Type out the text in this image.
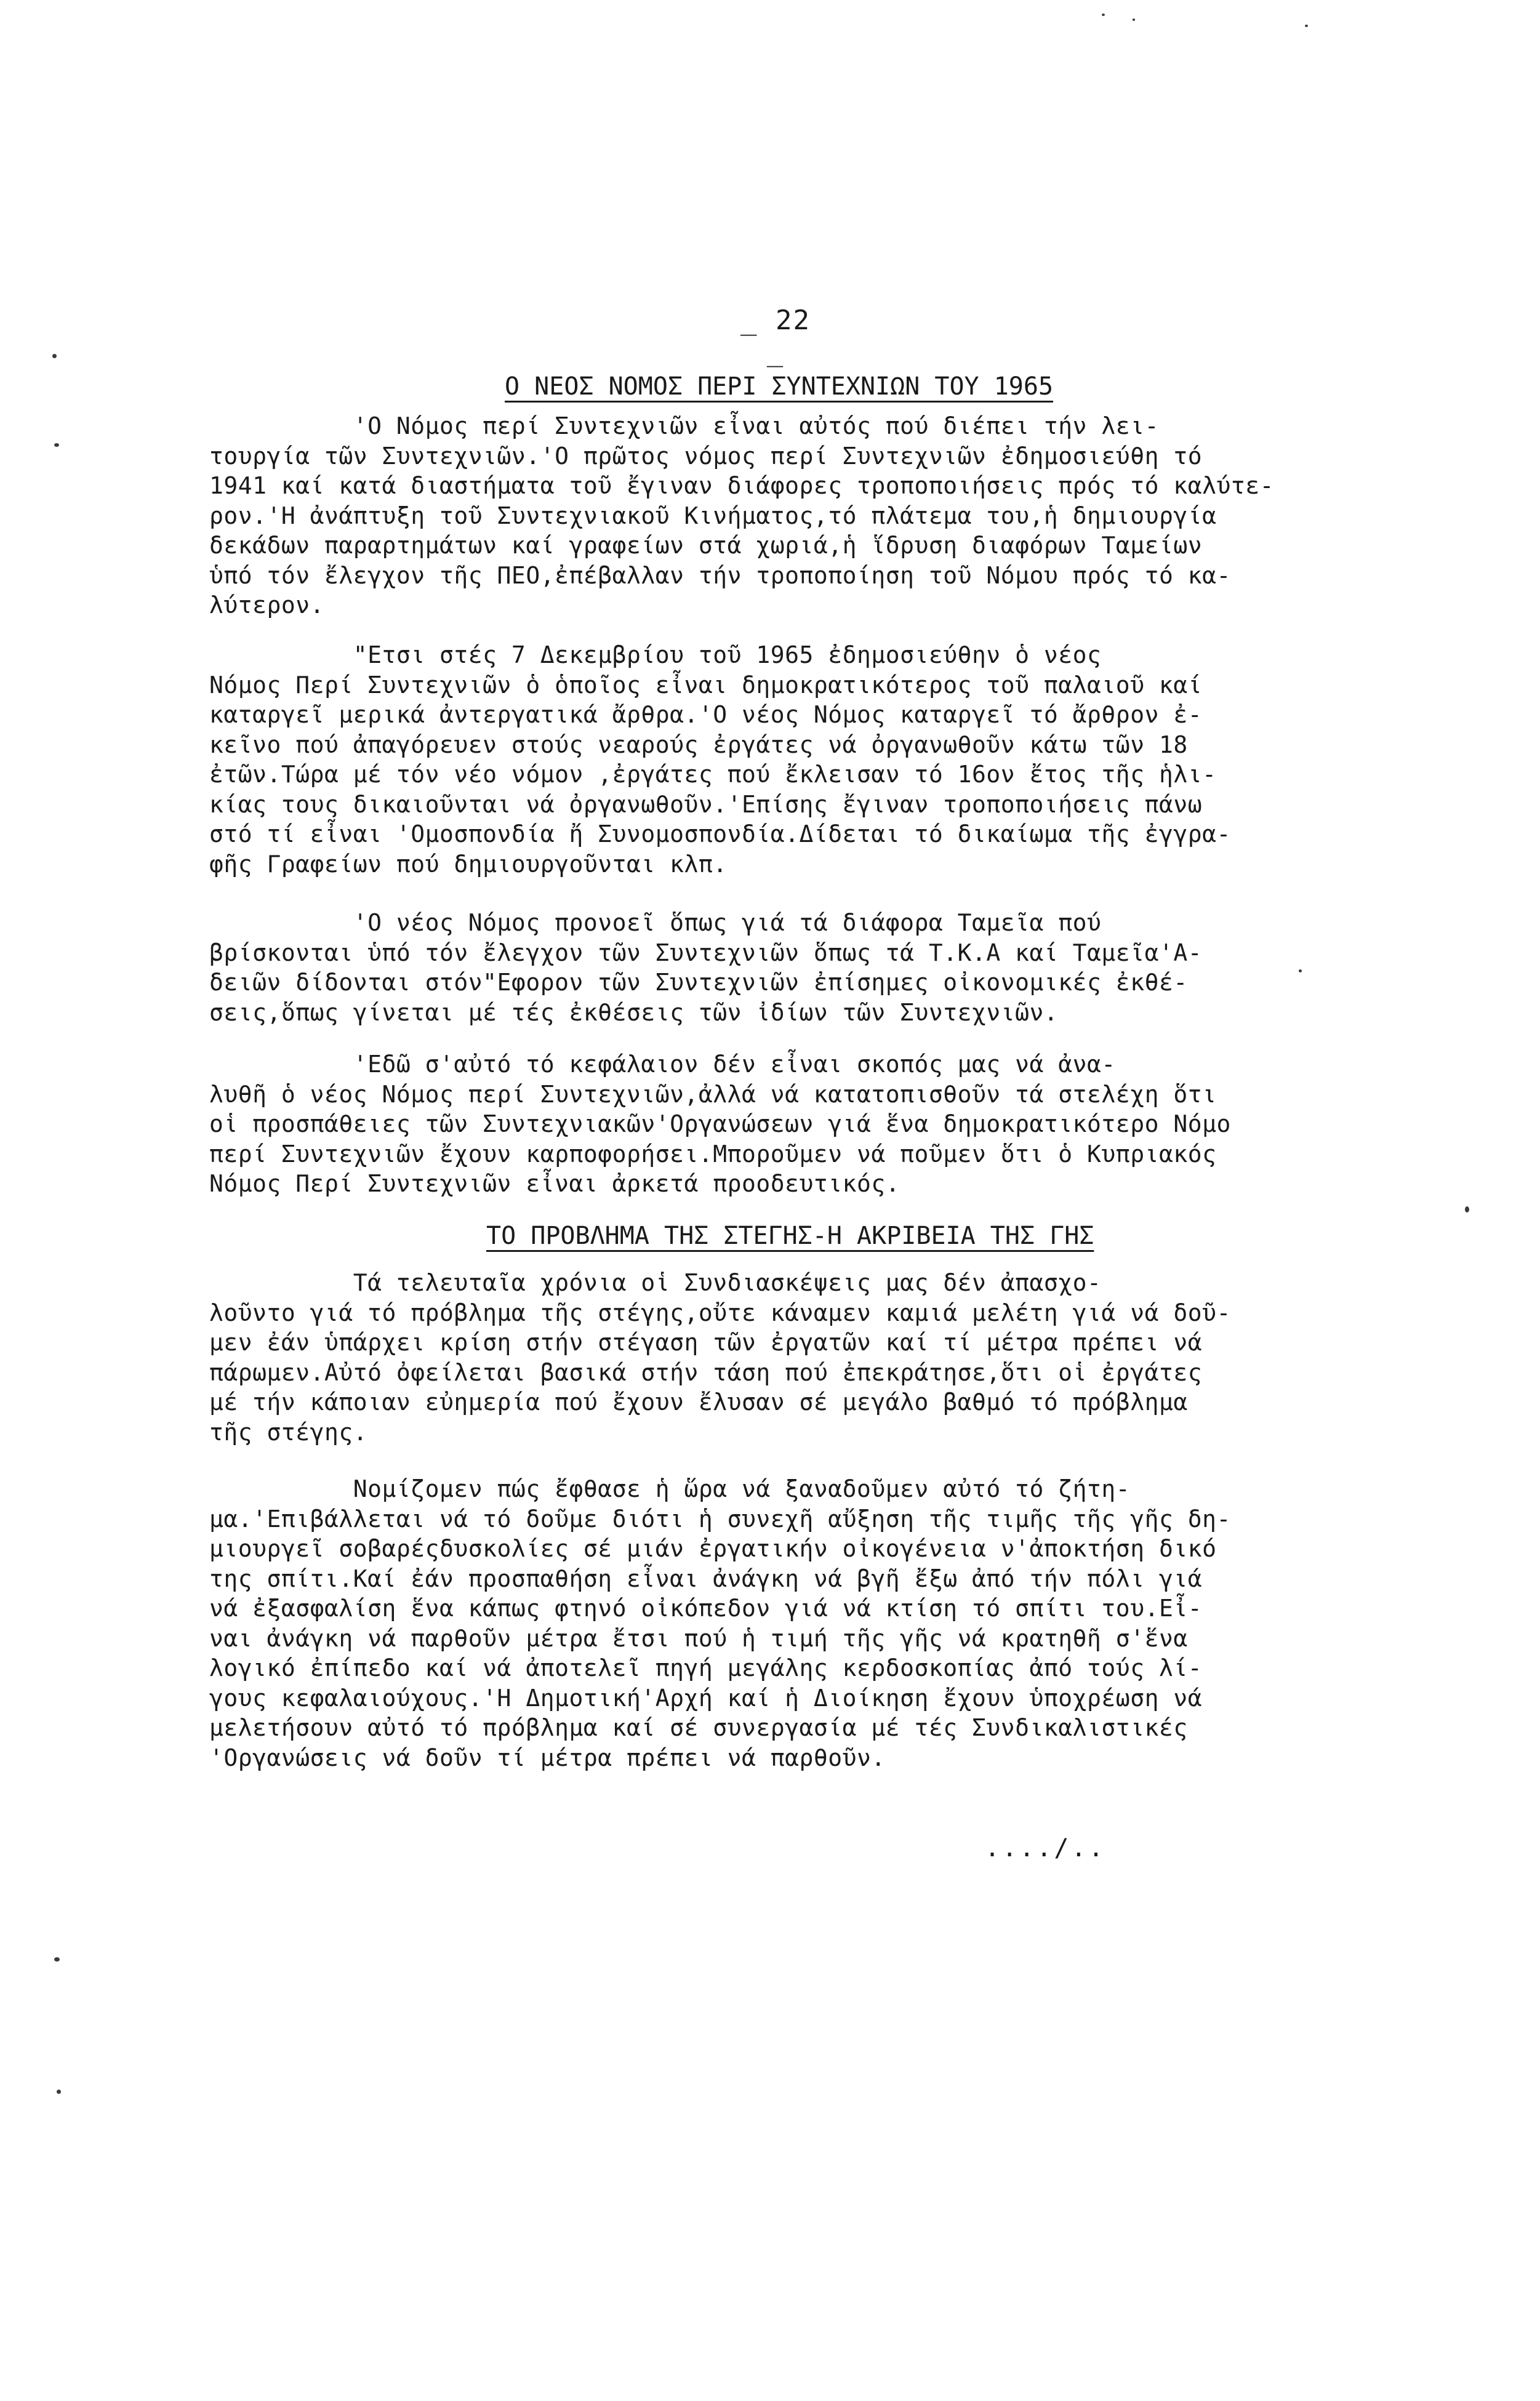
_ 22 _
Ο ΝΕΟΣ ΝΟΜΟΣ ΠΕΡΙ ΣΥΝΤΕΧΝΙΩΝ ΤΟΥ 1965
'Ο Νόμος περί Συντεχνιῶν εἶναι αὐτός πού διέπει τήν λει-
τουργία τῶν Συντεχνιῶν.'Ο πρῶτος νόμος περί Συντεχνιῶν ἐδημοσιεύθη τό
1941 καί κατά διαστήματα τοῦ ἔγιναν διάφορες τροποποιήσεις πρός τό καλύτε-
ρον.'Η ἀνάπτυξη τοῦ Συντεχνιακοῦ Κινήματος,τό πλάτεμα του,ἡ δημιουργία
δεκάδων παραρτημάτων καί γραφείων στά χωριά,ἡ ἵδρυση διαφόρων Ταμείων
ὑπό τόν ἔλεγχον τῆς ΠΕΟ,ἐπέβαλλαν τήν τροποποίηση τοῦ Νόμου πρός τό κα-
λύτερον.
"Ετσι στές 7 Δεκεμβρίου τοῦ 1965 ἐδημοσιεύθην ὁ νέος
Νόμος Περί Συντεχνιῶν ὁ ὁποῖος εἶναι δημοκρατικότερος τοῦ παλαιοῦ καί
καταργεῖ μερικά ἀντεργατικά ἄρθρα.'Ο νέος Νόμος καταργεῖ τό ἄρθρον ἐ-
κεῖνο πού ἀπαγόρευεν στούς νεαρούς ἐργάτες νά ὀργανωθοῦν κάτω τῶν 18
ἐτῶν.Τώρα μέ τόν νέο νόμον ,ἐργάτες πού ἔκλεισαν τό 16ον ἔτος τῆς ἡλι-
κίας τους δικαιοῦνται νά ὀργανωθοῦν.'Επίσης ἔγιναν τροποποιήσεις πάνω
στό τί εἶναι 'Ομοσπονδία ἤ Συνομοσπονδία.Δίδεται τό δικαίωμα τῆς ἐγγρα-
φῆς Γραφείων πού δημιουργοῦνται κλπ.
'Ο νέος Νόμος προνοεῖ ὅπως γιά τά διάφορα Ταμεῖα πού
βρίσκονται ὑπό τόν ἔλεγχον τῶν Συντεχνιῶν ὅπως τά Τ.Κ.Α καί Ταμεῖα'Α-
δειῶν δίδονται στόν"Εφορον τῶν Συντεχνιῶν ἐπίσημες οἰκονομικές ἐκθέ-
σεις,ὅπως γίνεται μέ τές ἐκθέσεις τῶν ἰδίων τῶν Συντεχνιῶν.
'Εδῶ σ'αὐτό τό κεφάλαιον δέν εἶναι σκοπός μας νά ἀνα-
λυθῆ ὁ νέος Νόμος περί Συντεχνιῶν,ἀλλά νά κατατοπισθοῦν τά στελέχη ὅτι
οἱ προσπάθειες τῶν Συντεχνιακῶν'Οργανώσεων γιά ἕνα δημοκρατικότερο Νόμο
περί Συντεχνιῶν ἔχουν καρποφορήσει.Μποροῦμεν νά ποῦμεν ὅτι ὁ Κυπριακός
Νόμος Περί Συντεχνιῶν εἶναι ἀρκετά προοδευτικός.
ΤΟ ΠΡΟΒΛΗΜΑ ΤΗΣ ΣΤΕΓΗΣ-Η ΑΚΡΙΒΕΙΑ ΤΗΣ ΓΗΣ
Τά τελευταῖα χρόνια οἱ Συνδιασκέψεις μας δέν ἀπασχο-
λοῦντο γιά τό πρόβλημα τῆς στέγης,οὔτε κάναμεν καμιά μελέτη γιά νά δοῦ-
μεν ἐάν ὑπάρχει κρίση στήν στέγαση τῶν ἐργατῶν καί τί μέτρα πρέπει νά
πάρωμεν.Αὐτό ὀφείλεται βασικά στήν τάση πού ἐπεκράτησε,ὅτι οἱ ἐργάτες
μέ τήν κάποιαν εὐημερία πού ἔχουν ἔλυσαν σέ μεγάλο βαθμό τό πρόβλημα
τῆς στέγης.
Νομίζομεν πώς ἔφθασε ἡ ὥρα νά ξαναδοῦμεν αὐτό τό ζήτη-
μα.'Επιβάλλεται νά τό δοῦμε διότι ἡ συνεχῆ αὔξηση τῆς τιμῆς τῆς γῆς δη-
μιουργεῖ σοβαρέςδυσκολίες σέ μιάν ἐργατικήν οἰκογένεια ν'ἀποκτήση δικό
της σπίτι.Καί ἐάν προσπαθήση εἶναι ἀνάγκη νά βγῆ ἔξω ἀπό τήν πόλι γιά
νά ἐξασφαλίση ἕνα κάπως φτηνό οἰκόπεδον γιά νά κτίση τό σπίτι του.Εἶ-
ναι ἀνάγκη νά παρθοῦν μέτρα ἔτσι πού ἡ τιμή τῆς γῆς νά κρατηθῆ σ'ἕνα
λογικό ἐπίπεδο καί νά ἀποτελεῖ πηγή μεγάλης κερδοσκοπίας ἀπό τούς λί-
γους κεφαλαιούχους.'Η Δημοτική'Αρχή καί ἡ Διοίκηση ἔχουν ὑποχρέωση νά
μελετήσουν αὐτό τό πρόβλημα καί σέ συνεργασία μέ τές Συνδικαλιστικές
'Οργανώσεις νά δοῦν τί μέτρα πρέπει νά παρθοῦν.
..../..
